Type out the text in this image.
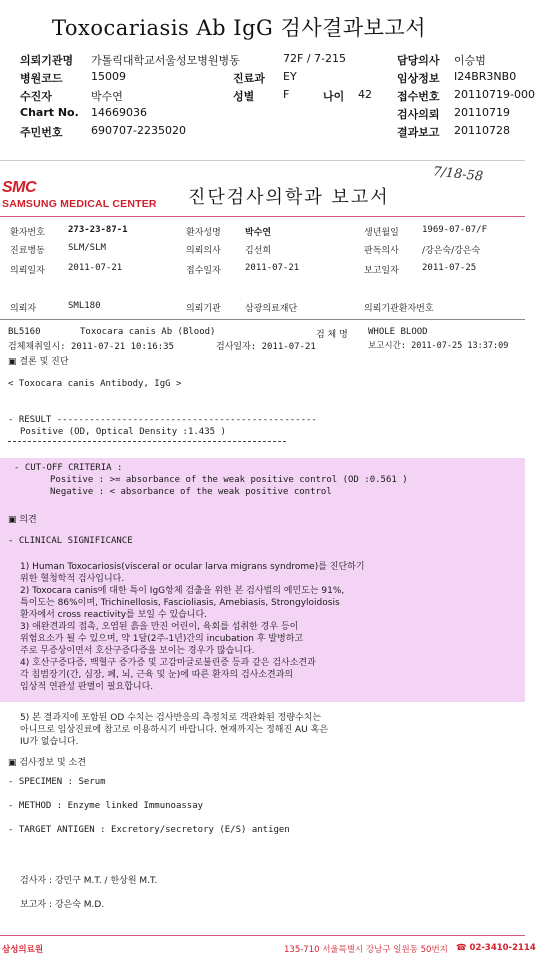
Toxocariasis Ab IgG 검사결과보고서
의뢰기관명 가톨릭대학교서울성모병원병동	72F / 7-215	담당의사 이승범
병원코드	15009	진료과 EY	임상정보 I24BR3NB0
수진자	박수연	성별	F	나이 42 접수번호 20110719-000
Chart No. 14669036	검사의뢰 20110719
주민번호	690707-2235020	결과보고 20110728
SMC
SAMSUNG MEDICAL CENTER 진단검사의학과 보고서
7/18-58
환자번호	273-23-87-1	환자성명	박수연	생년월일	1969-07-07/F
진료병동	SLM/SLM	의뢰의사	김선희	판독의사	/강은숙/강은숙
의뢰일자	2011-07-21	접수일자	2011-07-21	보고일자	2011-07-25
의뢰자	SML180	의뢰기관	삼광의료재단	의뢰기관환자번호
BL5160	Toxocara canis Ab (Blood)	검 체 명 WHOLE BLOOD
검체채취일시: 2011-07-21 10:16:35	검사일자: 2011-07-21	보고시간: 2011-07-25 13:37:09
▣ 결론 및 진단
< Toxocara canis Antibody, IgG >
- RESULT ------------------------------------------------
Positive (OD, Optical Density :1.435 )
- CUT-OFF CRITERIA :
Positive : >= absorbance of the weak positive control (OD :0.561 )
Negative : < absorbance of the weak positive control
▣ 의견
- CLINICAL SIGNIFICANCE
1) Human Toxocariosis(visceral or ocular larva migrans syndrome)를 진단하기
위한 혈청학적 검사입니다.
2) Toxocara canis에 대한 특이 IgG항체 검출을 위한 본 검사법의 예민도는 91%,
특이도는 86%이며, Trichinellosis, Fascioliasis, Amebiasis, Strongyloidosis
환자에서 cross reactivity를 보일 수 있습니다.
3) 애완견과의 접촉, 오염된 흙을 만진 어린이, 육회를 섭취한 경우 등이
위험요소가 될 수 있으며, 약 1달(2주-1년)간의 incubation 후 발병하고
주로 무증상이면서 호산구증다증을 보이는 경우가 많습니다.
4) 호산구증다증, 백혈구 증가증 및 고감마글로불린증 등과 같은 검사소견과
각 침범장기(간, 심장, 폐, 뇌, 근육 및 눈)에 따른 환자의 검사소견과의
임상적 연관성 판별이 필요합니다.
5) 본 결과지에 포함된 OD 수치는 검사반응의 측정치로 객관화된 정량수치는
아니므로 임상진료에 참고로 이용하시기 바랍니다. 현재까지는 정해진 AU 혹은
IU가 없습니다.
▣ 검사정보 및 소견
- SPECIMEN : Serum
- METHOD : Enzyme linked Immunoassay
- TARGET ANTIGEN : Excretory/secretory (E/S) antigen
검사자 : 강민구 M.T. / 한상원 M.T.
보고자 : 강은숙 M.D.
삼성의료원	135-710 서울특별시 강남구 일원동 50번지 ☎ 02-3410-2114
